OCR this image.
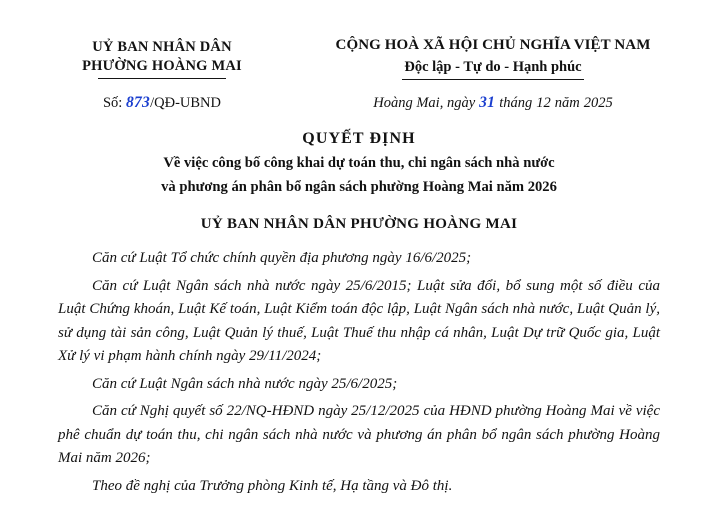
UỶ BAN NHÂN DÂN
PHƯỜNG HOÀNG MAI
CỘNG HOÀ XÃ HỘI CHỦ NGHĨA VIỆT NAM
Độc lập - Tự do - Hạnh phúc
Số: 873/QĐ-UBND	Hoàng Mai, ngày 31 tháng 12 năm 2025
QUYẾT ĐỊNH
Về việc công bố công khai dự toán thu, chi ngân sách nhà nước
và phương án phân bổ ngân sách phường Hoàng Mai năm 2026
UỶ BAN NHÂN DÂN PHƯỜNG HOÀNG MAI

Căn cứ Luật Tổ chức chính quyền địa phương ngày 16/6/2025;

Căn cứ Luật Ngân sách nhà nước ngày 25/6/2015; Luật sửa đổi, bổ sung một số điều của Luật Chứng khoán, Luật Kế toán, Luật Kiểm toán độc lập, Luật Ngân sách nhà nước, Luật Quản lý, sử dụng tài sản công, Luật Quản lý thuế, Luật Thuế thu nhập cá nhân, Luật Dự trữ Quốc gia, Luật Xử lý vi phạm hành chính ngày 29/11/2024;

Căn cứ Luật Ngân sách nhà nước ngày 25/6/2025;

Căn cứ Nghị quyết số 22/NQ-HĐND ngày 25/12/2025 của HĐND phường Hoàng Mai về việc phê chuẩn dự toán thu, chi ngân sách nhà nước và phương án phân bổ ngân sách phường Hoàng Mai năm 2026;

Theo đề nghị của Trưởng phòng Kinh tế, Hạ tầng và Đô thị.
